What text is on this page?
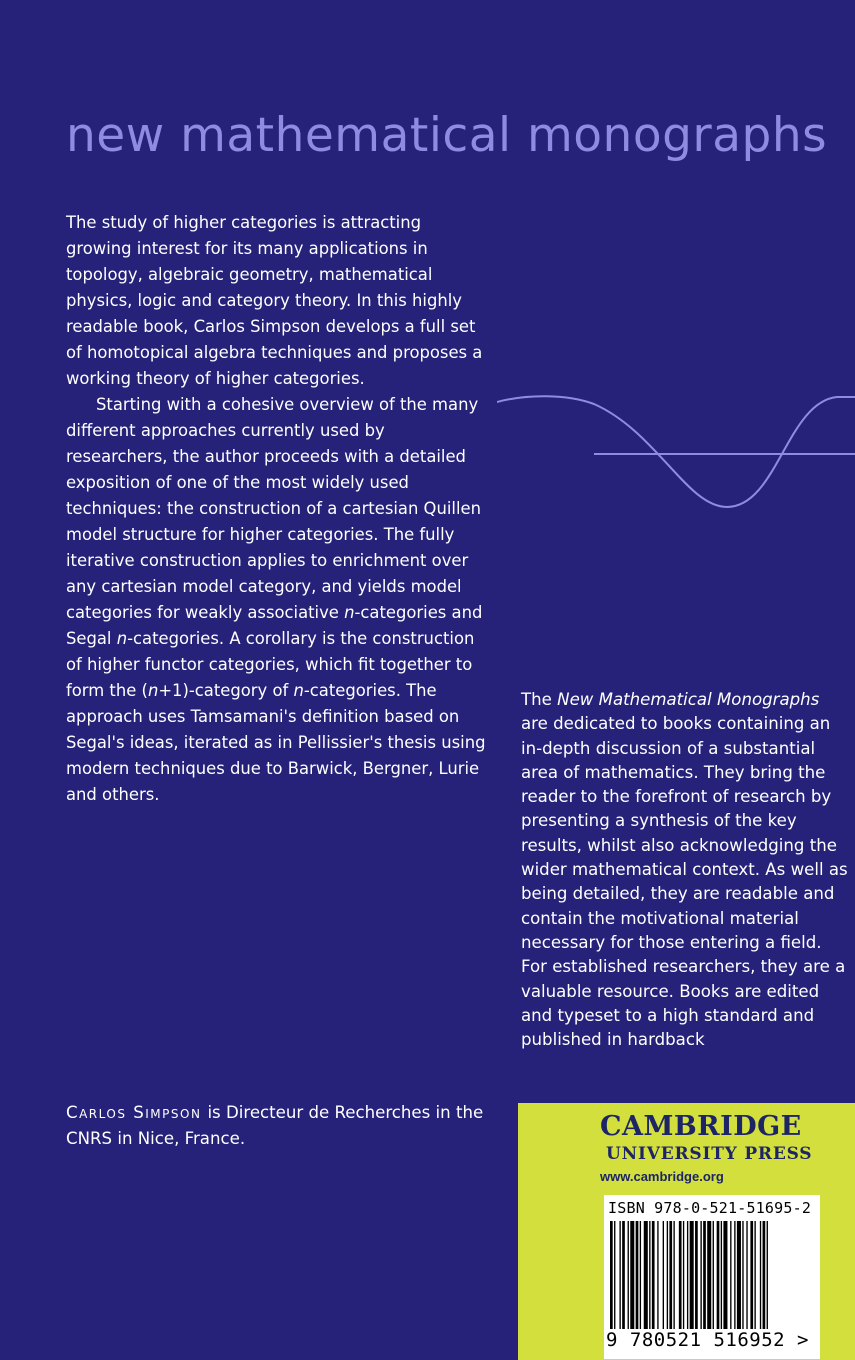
new mathematical monographs

The study of higher categories is attracting growing interest for its many applications in topology, algebraic geometry, mathematical physics, logic and category theory. In this highly readable book, Carlos Simpson develops a full set of homotopical algebra techniques and proposes a working theory of higher categories.

Starting with a cohesive overview of the many different approaches currently used by researchers, the author proceeds with a detailed exposition of one of the most widely used techniques: the construction of a cartesian Quillen model structure for higher categories. The fully iterative construction applies to enrichment over any cartesian model category, and yields model categories for weakly associative n-categories and Segal n-categories. A corollary is the construction of higher functor categories, which fit together to form the (n+1)-category of n-categories. The approach uses Tamsamani's definition based on Segal's ideas, iterated as in Pellissier's thesis using modern techniques due to Barwick, Bergner, Lurie and others.

The New Mathematical Monographs are dedicated to books containing an in-depth discussion of a substantial area of mathematics. They bring the reader to the forefront of research by presenting a synthesis of the key results, whilst also acknowledging the wider mathematical context. As well as being detailed, they are readable and contain the motivational material necessary for those entering a field. For established researchers, they are a valuable resource. Books are edited and typeset to a high standard and published in hardback

Carlos Simpson is Directeur de Recherches in the CNRS in Nice, France.	CAMBRIDGE
UNIVERSITY PRESS
www.cambridge.org
ISBN 978-0-521-51695-2
9 780521 516952 >
